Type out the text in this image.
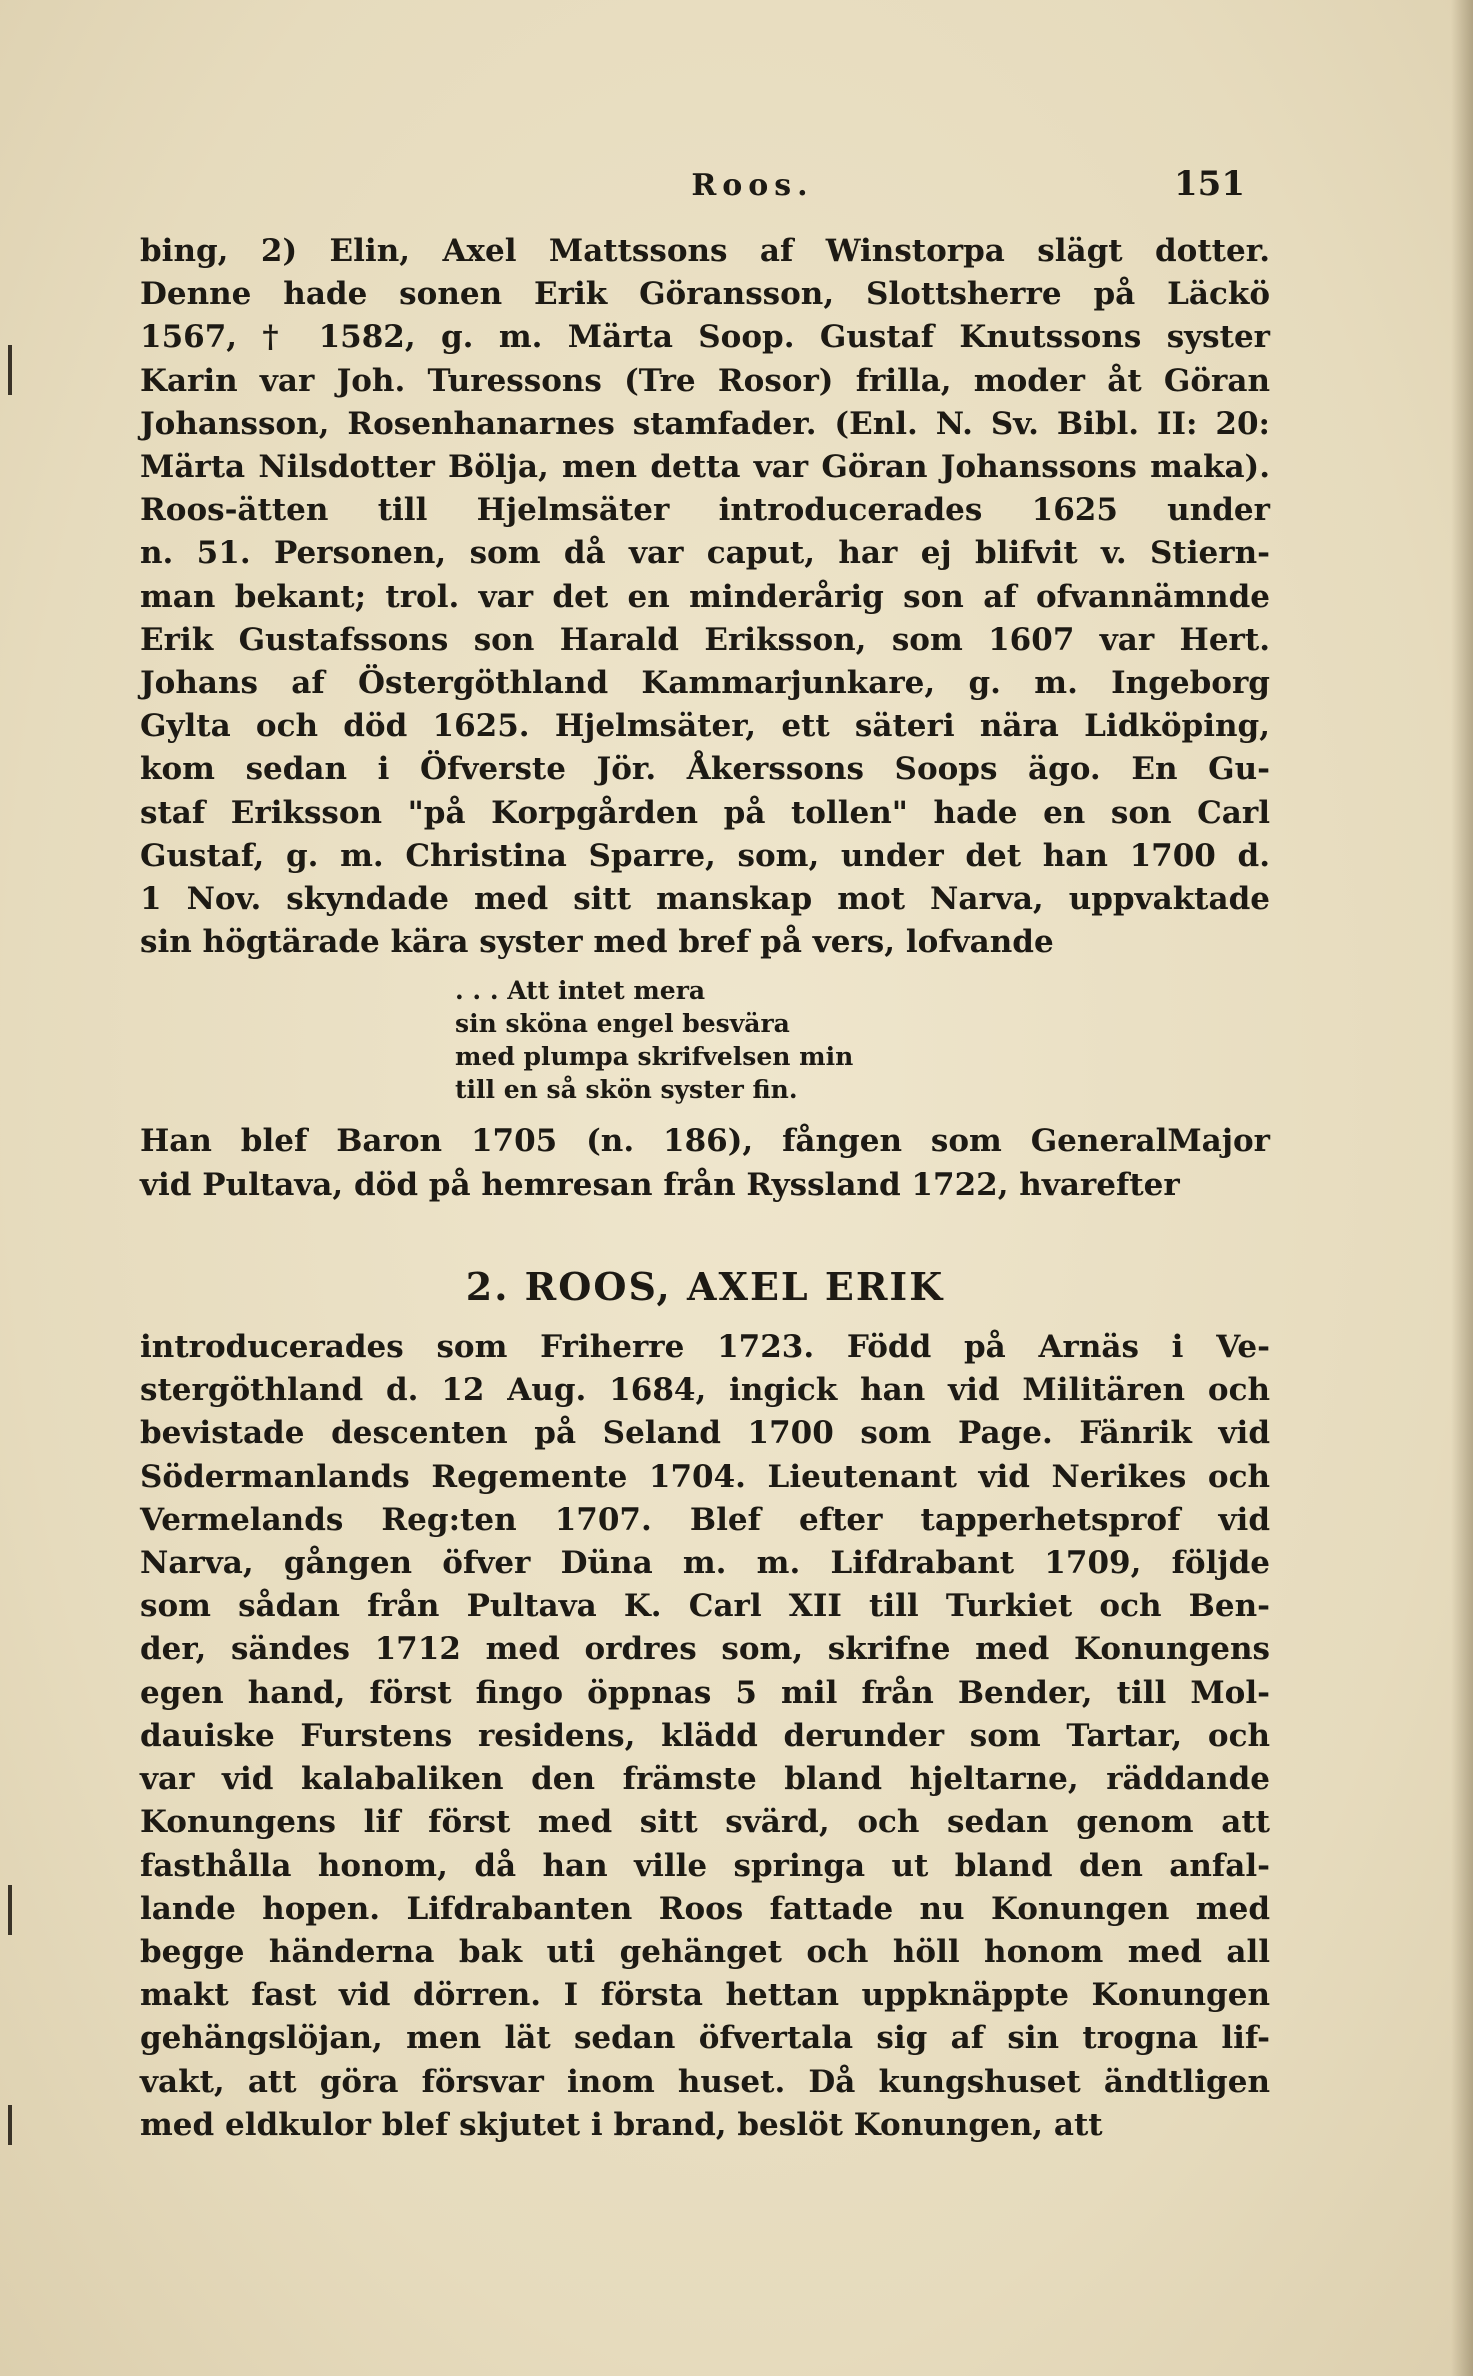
Roos.	151
bing, 2) Elin, Axel Mattssons af Winstorpa slägt dotter.
Denne hade sonen Erik Göransson, Slottsherre på Läckö
1567, † 1582, g. m. Märta Soop. Gustaf Knutssons syster
Karin var Joh. Turessons (Tre Rosor) frilla, moder åt Göran
Johansson, Rosenhanarnes stamfader. (Enl. N. Sv. Bibl. II: 20:
Märta Nilsdotter Bölja, men detta var Göran Johanssons maka).
Roos-ätten till Hjelmsäter introducerades 1625 under
n. 51. Personen, som då var caput, har ej blifvit v. Stiern-
man bekant; trol. var det en minderårig son af ofvannämnde
Erik Gustafssons son Harald Eriksson, som 1607 var Hert.
Johans af Östergöthland Kammarjunkare, g. m. Ingeborg
Gylta och död 1625. Hjelmsäter, ett säteri nära Lidköping,
kom sedan i Öfverste Jör. Åkerssons Soops ägo. En Gu-
staf Eriksson "på Korpgården på tollen" hade en son Carl
Gustaf, g. m. Christina Sparre, som, under det han 1700 d.
1 Nov. skyndade med sitt manskap mot Narva, uppvaktade
sin högtärade kära syster med bref på vers, lofvande
. . . Att intet mera
sin sköna engel besvära
med plumpa skrifvelsen min
till en så skön syster fin.
Han blef Baron 1705 (n. 186), fången som GeneralMajor
vid Pultava, död på hemresan från Ryssland 1722, hvarefter
2. ROOS, AXEL ERIK
introducerades som Friherre 1723. Född på Arnäs i Ve-
stergöthland d. 12 Aug. 1684, ingick han vid Militären och
bevistade descenten på Seland 1700 som Page. Fänrik vid
Södermanlands Regemente 1704. Lieutenant vid Nerikes och
Vermelands Reg:ten 1707. Blef efter tapperhetsprof vid
Narva, gången öfver Düna m. m. Lifdrabant 1709, följde
som sådan från Pultava K. Carl XII till Turkiet och Ben-
der, sändes 1712 med ordres som, skrifne med Konungens
egen hand, först fingo öppnas 5 mil från Bender, till Mol-
dauiske Furstens residens, klädd derunder som Tartar, och
var vid kalabaliken den främste bland hjeltarne, räddande
Konungens lif först med sitt svärd, och sedan genom att
fasthålla honom, då han ville springa ut bland den anfal-
lande hopen. Lifdrabanten Roos fattade nu Konungen med
begge händerna bak uti gehänget och höll honom med all
makt fast vid dörren. I första hettan uppknäppte Konungen
gehängslöjan, men lät sedan öfvertala sig af sin trogna lif-
vakt, att göra försvar inom huset. Då kungshuset ändtligen
med eldkulor blef skjutet i brand, beslöt Konungen, att
